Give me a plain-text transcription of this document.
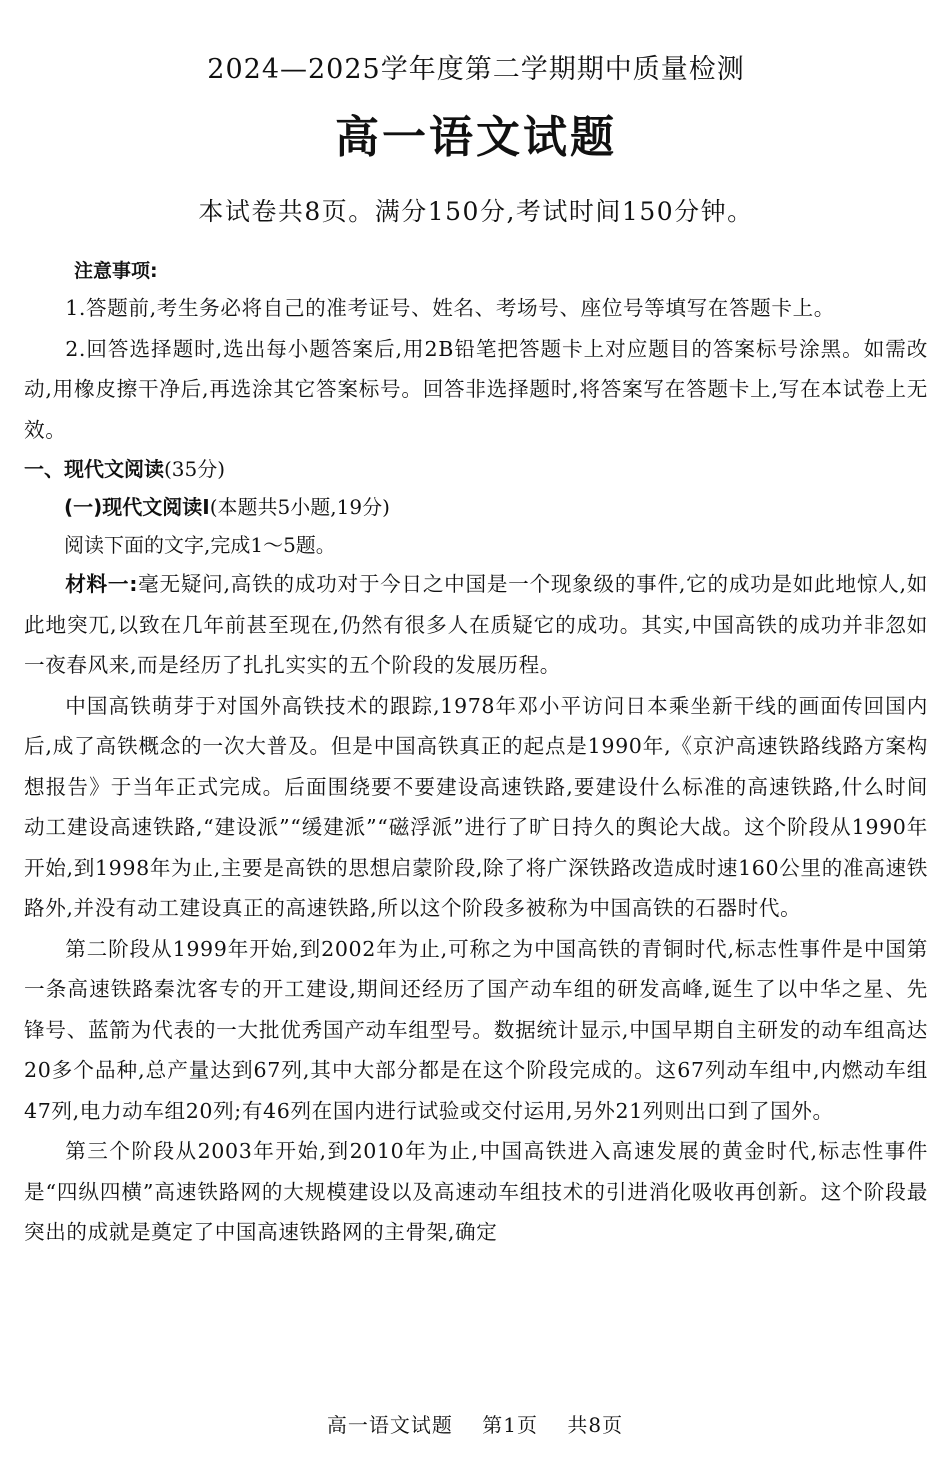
2024—2025学年度第二学期期中质量检测

高一语文试题

本试卷共8页。满分150分,考试时间150分钟。

注意事项:

1.答题前,考生务必将自己的准考证号、姓名、考场号、座位号等填写在答题卡上。

2.回答选择题时,选出每小题答案后,用2B铅笔把答题卡上对应题目的答案标号涂黑。如需改动,用橡皮擦干净后,再选涂其它答案标号。回答非选择题时,将答案写在答题卡上,写在本试卷上无效。

一、现代文阅读(35分)

(一)现代文阅读Ⅰ(本题共5小题,19分)

阅读下面的文字,完成1～5题。

材料一:毫无疑问,高铁的成功对于今日之中国是一个现象级的事件,它的成功是如此地惊人,如此地突兀,以致在几年前甚至现在,仍然有很多人在质疑它的成功。其实,中国高铁的成功并非忽如一夜春风来,而是经历了扎扎实实的五个阶段的发展历程。

中国高铁萌芽于对国外高铁技术的跟踪,1978年邓小平访问日本乘坐新干线的画面传回国内后,成了高铁概念的一次大普及。但是中国高铁真正的起点是1990年,《京沪高速铁路线路方案构想报告》于当年正式完成。后面围绕要不要建设高速铁路,要建设什么标准的高速铁路,什么时间动工建设高速铁路,“建设派”“缓建派”“磁浮派”进行了旷日持久的舆论大战。这个阶段从1990年开始,到1998年为止,主要是高铁的思想启蒙阶段,除了将广深铁路改造成时速160公里的准高速铁路外,并没有动工建设真正的高速铁路,所以这个阶段多被称为中国高铁的石器时代。

第二阶段从1999年开始,到2002年为止,可称之为中国高铁的青铜时代,标志性事件是中国第一条高速铁路秦沈客专的开工建设,期间还经历了国产动车组的研发高峰,诞生了以中华之星、先锋号、蓝箭为代表的一大批优秀国产动车组型号。数据统计显示,中国早期自主研发的动车组高达20多个品种,总产量达到67列,其中大部分都是在这个阶段完成的。这67列动车组中,内燃动车组47列,电力动车组20列;有46列在国内进行试验或交付运用,另外21列则出口到了国外。

第三个阶段从2003年开始,到2010年为止,中国高铁进入高速发展的黄金时代,标志性事件是“四纵四横”高速铁路网的大规模建设以及高速动车组技术的引进消化吸收再创新。这个阶段最突出的成就是奠定了中国高速铁路网的主骨架,确定

高一语文试题 第1页 共8页
